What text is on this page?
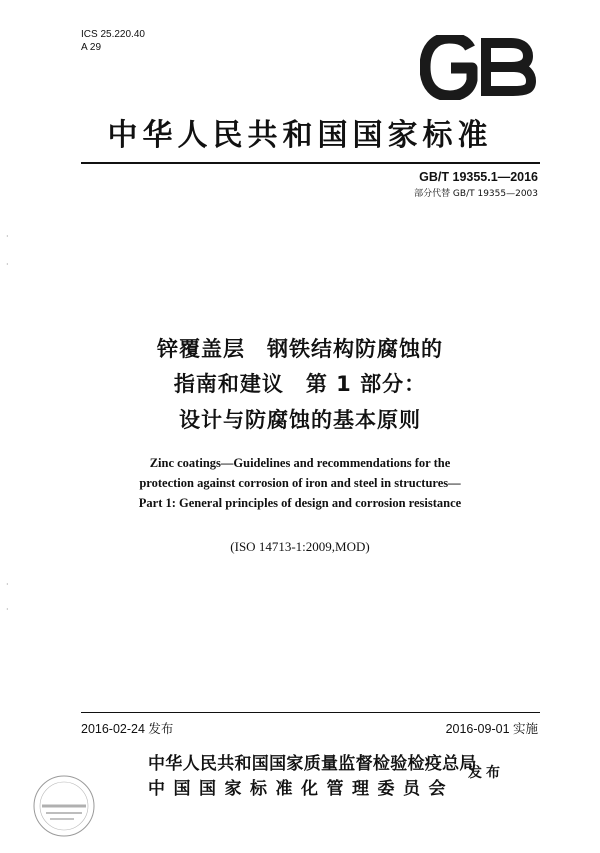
ICS 25.220.40
A 29
中华人民共和国国家标准
GB/T 19355.1—2016
部分代替 GB/T 19355—2003
·
·
·
·
锌覆盖层　钢铁结构防腐蚀的
指南和建议　第 1 部分：
设计与防腐蚀的基本原则
Zinc coatings—Guidelines and recommendations for the
protection against corrosion of iron and steel in structures—
Part 1: General principles of design and corrosion resistance
(ISO 14713-1:2009,MOD)
2016-02-24 发布	2016-09-01 实施
中华人民共和国国家质量监督检验检疫总局
中国国家标准化管理委员会
发布
